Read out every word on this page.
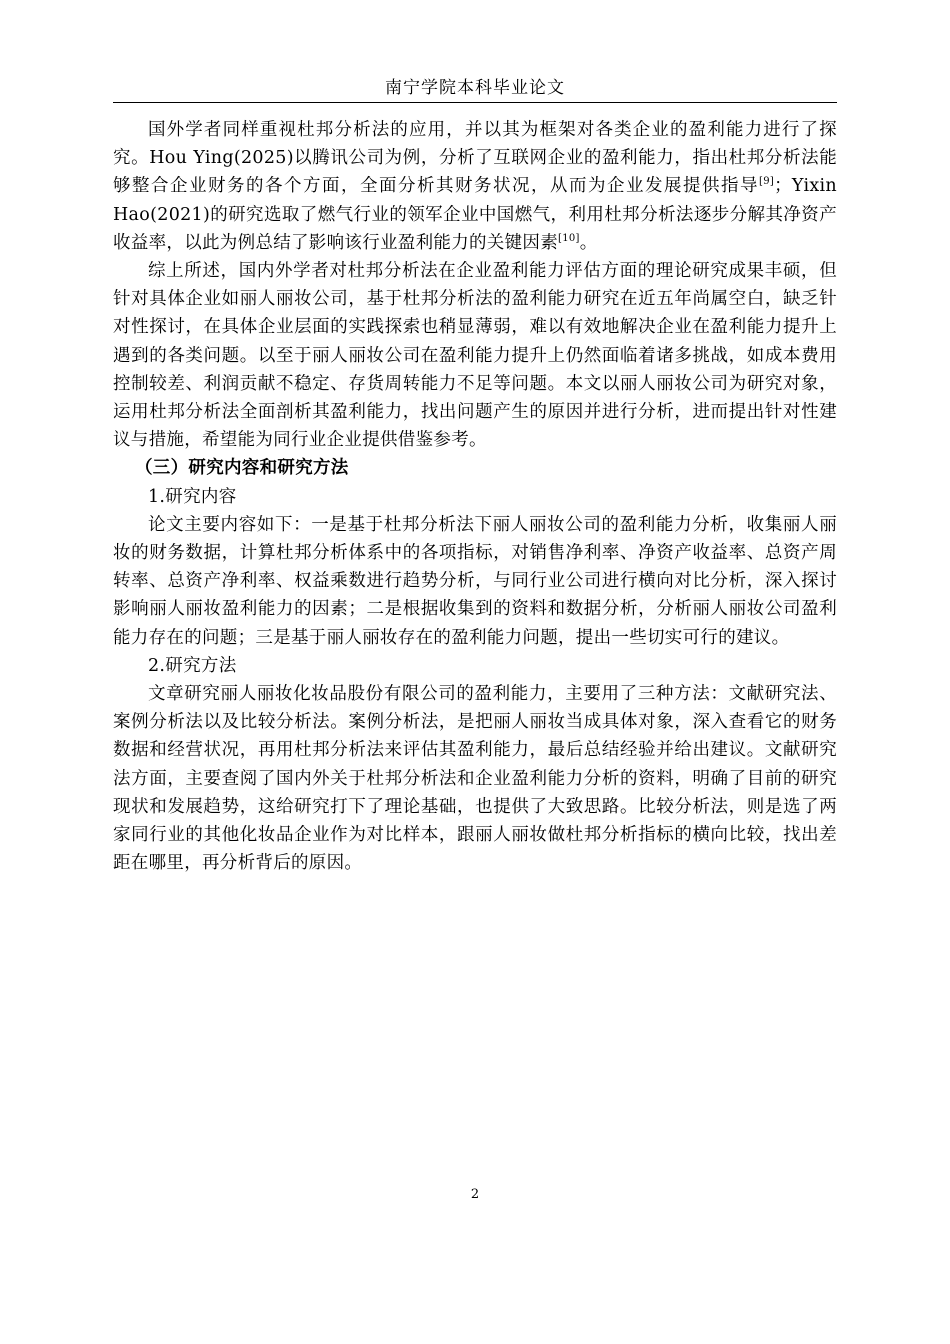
南宁学院本科毕业论文

国外学者同样重视杜邦分析法的应用，并以其为框架对各类企业的盈利能力进行了探究。Hou Ying(2025)以腾讯公司为例，分析了互联网企业的盈利能力，指出杜邦分析法能够整合企业财务的各个方面，全面分析其财务状况，从而为企业发展提供指导[9]；Yixin Hao(2021)的研究选取了燃气行业的领军企业中国燃气，利用杜邦分析法逐步分解其净资产收益率，以此为例总结了影响该行业盈利能力的关键因素[10]。

综上所述，国内外学者对杜邦分析法在企业盈利能力评估方面的理论研究成果丰硕，但针对具体企业如丽人丽妆公司，基于杜邦分析法的盈利能力研究在近五年尚属空白，缺乏针对性探讨，在具体企业层面的实践探索也稍显薄弱，难以有效地解决企业在盈利能力提升上遇到的各类问题。以至于丽人丽妆公司在盈利能力提升上仍然面临着诸多挑战，如成本费用控制较差、利润贡献不稳定、存货周转能力不足等问题。本文以丽人丽妆公司为研究对象，运用杜邦分析法全面剖析其盈利能力，找出问题产生的原因并进行分析，进而提出针对性建议与措施，希望能为同行业企业提供借鉴参考。

（三）研究内容和研究方法

1.研究内容

论文主要内容如下：一是基于杜邦分析法下丽人丽妆公司的盈利能力分析，收集丽人丽妆的财务数据，计算杜邦分析体系中的各项指标，对销售净利率、净资产收益率、总资产周转率、总资产净利率、权益乘数进行趋势分析，与同行业公司进行横向对比分析，深入探讨影响丽人丽妆盈利能力的因素；二是根据收集到的资料和数据分析，分析丽人丽妆公司盈利能力存在的问题；三是基于丽人丽妆存在的盈利能力问题，提出一些切实可行的建议。

2.研究方法

文章研究丽人丽妆化妆品股份有限公司的盈利能力，主要用了三种方法：文献研究法、案例分析法以及比较分析法。案例分析法，是把丽人丽妆当成具体对象，深入查看它的财务数据和经营状况，再用杜邦分析法来评估其盈利能力，最后总结经验并给出建议。文献研究法方面，主要查阅了国内外关于杜邦分析法和企业盈利能力分析的资料，明确了目前的研究现状和发展趋势，这给研究打下了理论基础，也提供了大致思路。比较分析法，则是选了两家同行业的其他化妆品企业作为对比样本，跟丽人丽妆做杜邦分析指标的横向比较，找出差距在哪里，再分析背后的原因。

2
